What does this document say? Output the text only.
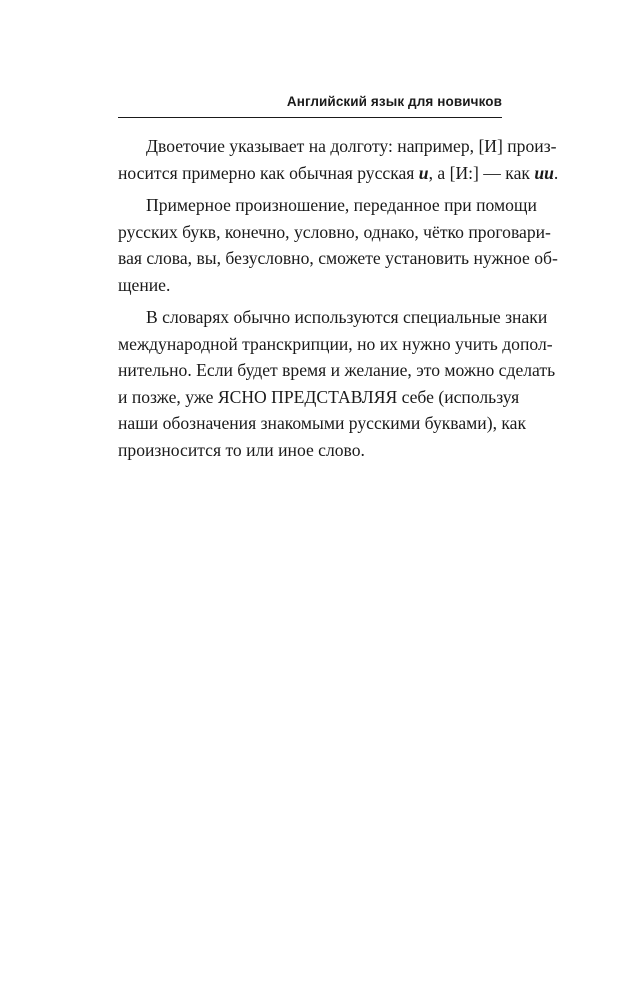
Английский язык для новичков

Двоеточие указывает на долготу: например, [И] произ-
носится примерно как обычная русская и, а [И:] — как ии.

Примерное произношение, переданное при помощи
русских букв, конечно, условно, однако, чётко проговари-
вая слова, вы, безусловно, сможете установить нужное об-
щение.

В словарях обычно используются специальные знаки
международной транскрипции, но их нужно учить допол-
нительно. Если будет время и желание, это можно сделать
и позже, уже ЯСНО ПРЕДСТАВЛЯЯ себе (используя
наши обозначения знакомыми русскими буквами), как
произносится то или иное слово.
